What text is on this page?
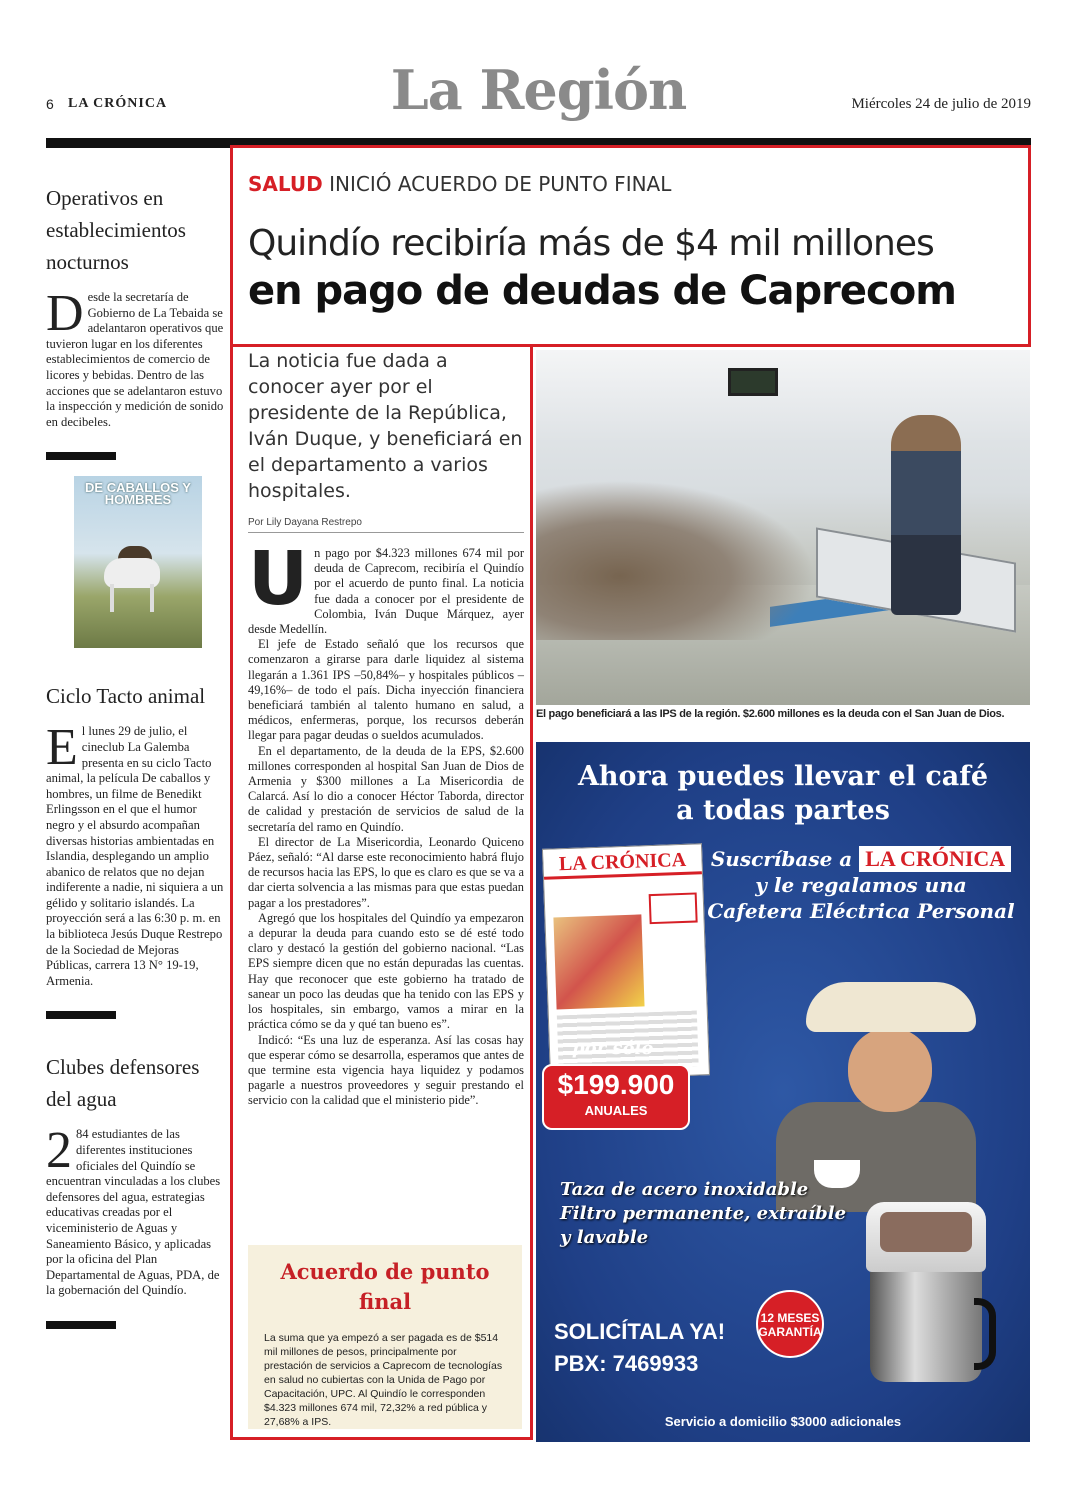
6 LA CRÓNICA	La Región	Miércoles 24 de julio de 2019
Operativos en establecimientos nocturnos
Desde la secretaría de Gobierno de La Tebaida se adelantaron operativos que tuvieron lugar en los diferentes establecimientos de comercio de licores y bebidas. Dentro de las acciones que se adelantaron estuvo la inspección y medición de sonido en decibeles.
DE CABALLOS Y HOMBRES
Ciclo Tacto animal
El lunes 29 de julio, el cineclub La Galemba presenta en su ciclo Tacto animal, la película De caballos y hombres, un filme de Benedikt Erlingsson en el que el humor negro y el absurdo acompañan diversas historias ambientadas en Islandia, desplegando un amplio abanico de relatos que no dejan indiferente a nadie, ni siquiera a un gélido y solitario islandés. La proyección será a las 6:30 p. m. en la biblioteca Jesús Duque Restrepo de la Sociedad de Mejoras Públicas, carrera 13 N° 19-19, Armenia.
Clubes defensores del agua
2 84 estudiantes de las diferentes instituciones oficiales del Quindío se encuentran vinculadas a los clubes defensores del agua, estrategias educativas creadas por el viceministerio de Aguas y Saneamiento Básico, y aplicadas por la oficina del Plan Departamental de Aguas, PDA, de la gobernación del Quindío.
SALUD INICIÓ ACUERDO DE PUNTO FINAL
Quindío recibiría más de $4 mil millones
en pago de deudas de Caprecom
La noticia fue dada a conocer ayer por el presidente de la República, Iván Duque, y beneficiará en el departamento a varios hospitales.
Por Lily Dayana Restrepo

Un pago por $4.323 millones 674 mil por deuda de Caprecom, recibiría el Quindío por el acuerdo de punto final. La noticia fue dada a conocer por el presidente de Colombia, Iván Duque Márquez, ayer desde Medellín.

El jefe de Estado señaló que los recursos que comenzaron a girarse para darle liquidez al sistema llegarán a 1.361 IPS –50,84%– y hospitales públicos –49,16%– de todo el país. Dicha inyección financiera beneficiará también al talento humano en salud, a médicos, enfermeras, porque, los recursos deberán llegar para pagar deudas o sueldos acumulados.

En el departamento, de la deuda de la EPS, $2.600 millones corresponden al hospital San Juan de Dios de Armenia y $300 millones a La Misericordia de Calarcá. Así lo dio a conocer Héctor Taborda, director de calidad y prestación de servicios de salud de la secretaría del ramo en Quindío.

El director de La Misericordia, Leonardo Quiceno Páez, señaló: “Al darse este reconocimiento habrá flujo de recursos hacia las EPS, lo que es claro es que se va a dar cierta solvencia a las mismas para que estas puedan pagar a los prestadores”.

Agregó que los hospitales del Quindío ya empezaron a depurar la deuda para cuando esto se dé esté todo claro y destacó la gestión del gobierno nacional. “Las EPS siempre dicen que no están depuradas las cuentas. Hay que reconocer que este gobierno ha tratado de sanear un poco las deudas que ha tenido con las EPS y los hospitales, sin embargo, vamos a mirar en la práctica cómo se da y qué tan bueno es”.

Indicó: “Es una luz de esperanza. Así las cosas hay que esperar cómo se desarrolla, esperamos que antes de que termine esta vigencia haya liquidez y podamos pagarle a nuestros proveedores y seguir prestando el servicio con la calidad que el ministerio pide”.

Acuerdo de punto final
La suma que ya empezó a ser pagada es de $514 mil millones de pesos, principalmente por prestación de servicios a Caprecom de tecnologías en salud no cubiertas con la Unida de Pago por Capacitación, UPC. Al Quindío le corresponden $4.323 millones 674 mil, 72,32% a red pública y 27,68% a IPS.
El pago beneficiará a las IPS de la región. $2.600 millones es la deuda con el San Juan de Dios.
Ahora puedes llevar el café
a todas partes
LA CRÓNICA	Suscríbase a LA CRÓNICA
y le regalamos una
Cafetera Eléctrica Personal
por sólo
$199.900
ANUALES
Taza de acero inoxidable
Filtro permanente, extraíble
y lavable
12 MESES
GARANTÍA
SOLICÍTALA YA!
PBX: 7469933
Servicio a domicilio $3000 adicionales
